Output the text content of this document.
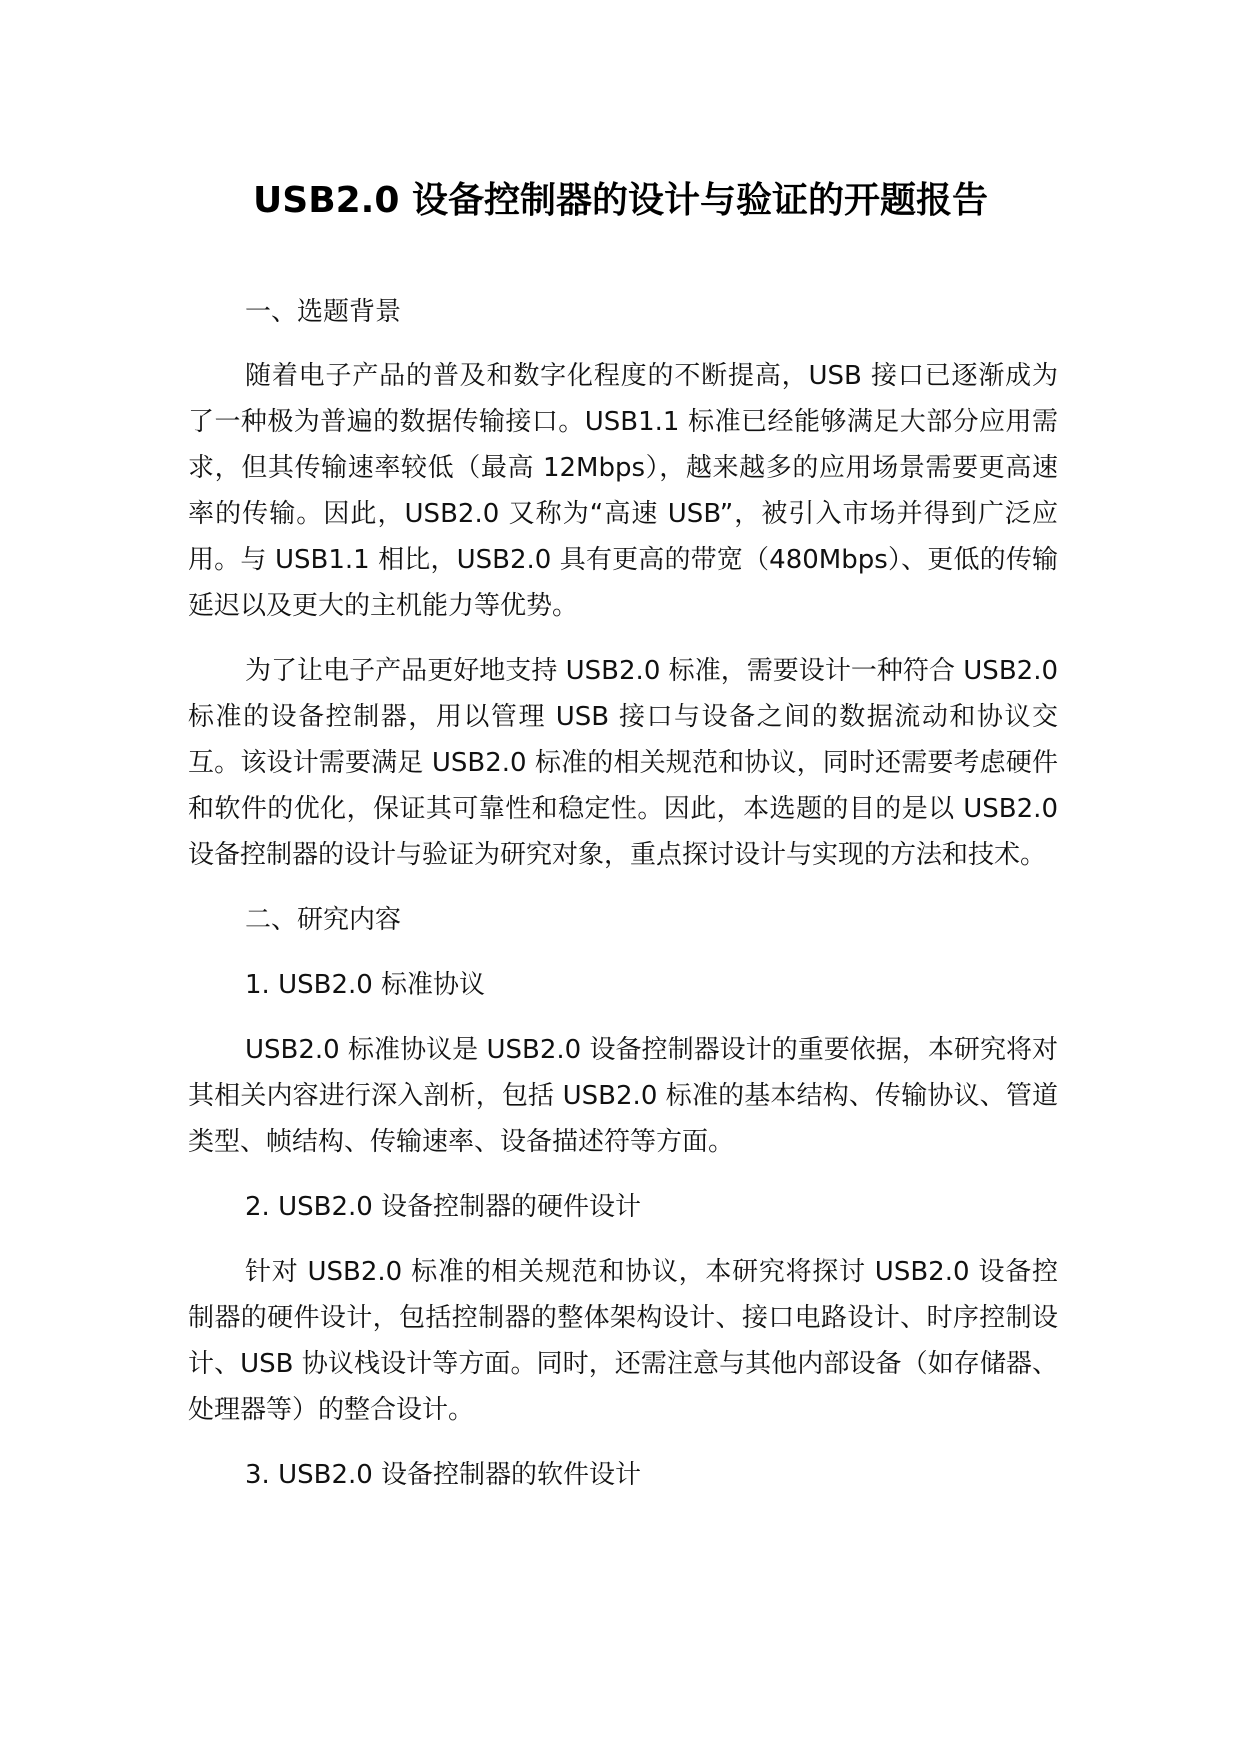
USB2.0 设备控制器的设计与验证的开题报告
一、选题背景

随着电子产品的普及和数字化程度的不断提高，USB 接口已逐渐成为了一种极为普遍的数据传输接口。USB1.1 标准已经能够满足大部分应用需求，但其传输速率较低（最高 12Mbps），越来越多的应用场景需要更高速率的传输。因此，USB2.0 又称为“高速 USB”，被引入市场并得到广泛应用。与 USB1.1 相比，USB2.0 具有更高的带宽（480Mbps）、更低的传输延迟以及更大的主机能力等优势。

为了让电子产品更好地支持 USB2.0 标准，需要设计一种符合 USB2.0 标准的设备控制器，用以管理 USB 接口与设备之间的数据流动和协议交互。该设计需要满足 USB2.0 标准的相关规范和协议，同时还需要考虑硬件和软件的优化，保证其可靠性和稳定性。因此，本选题的目的是以 USB2.0 设备控制器的设计与验证为研究对象，重点探讨设计与实现的方法和技术。

二、研究内容
1. USB2.0 标准协议

USB2.0 标准协议是 USB2.0 设备控制器设计的重要依据，本研究将对其相关内容进行深入剖析，包括 USB2.0 标准的基本结构、传输协议、管道类型、帧结构、传输速率、设备描述符等方面。

2. USB2.0 设备控制器的硬件设计

针对 USB2.0 标准的相关规范和协议，本研究将探讨 USB2.0 设备控制器的硬件设计，包括控制器的整体架构设计、接口电路设计、时序控制设计、USB 协议栈设计等方面。同时，还需注意与其他内部设备（如存储器、处理器等）的整合设计。

3. USB2.0 设备控制器的软件设计
